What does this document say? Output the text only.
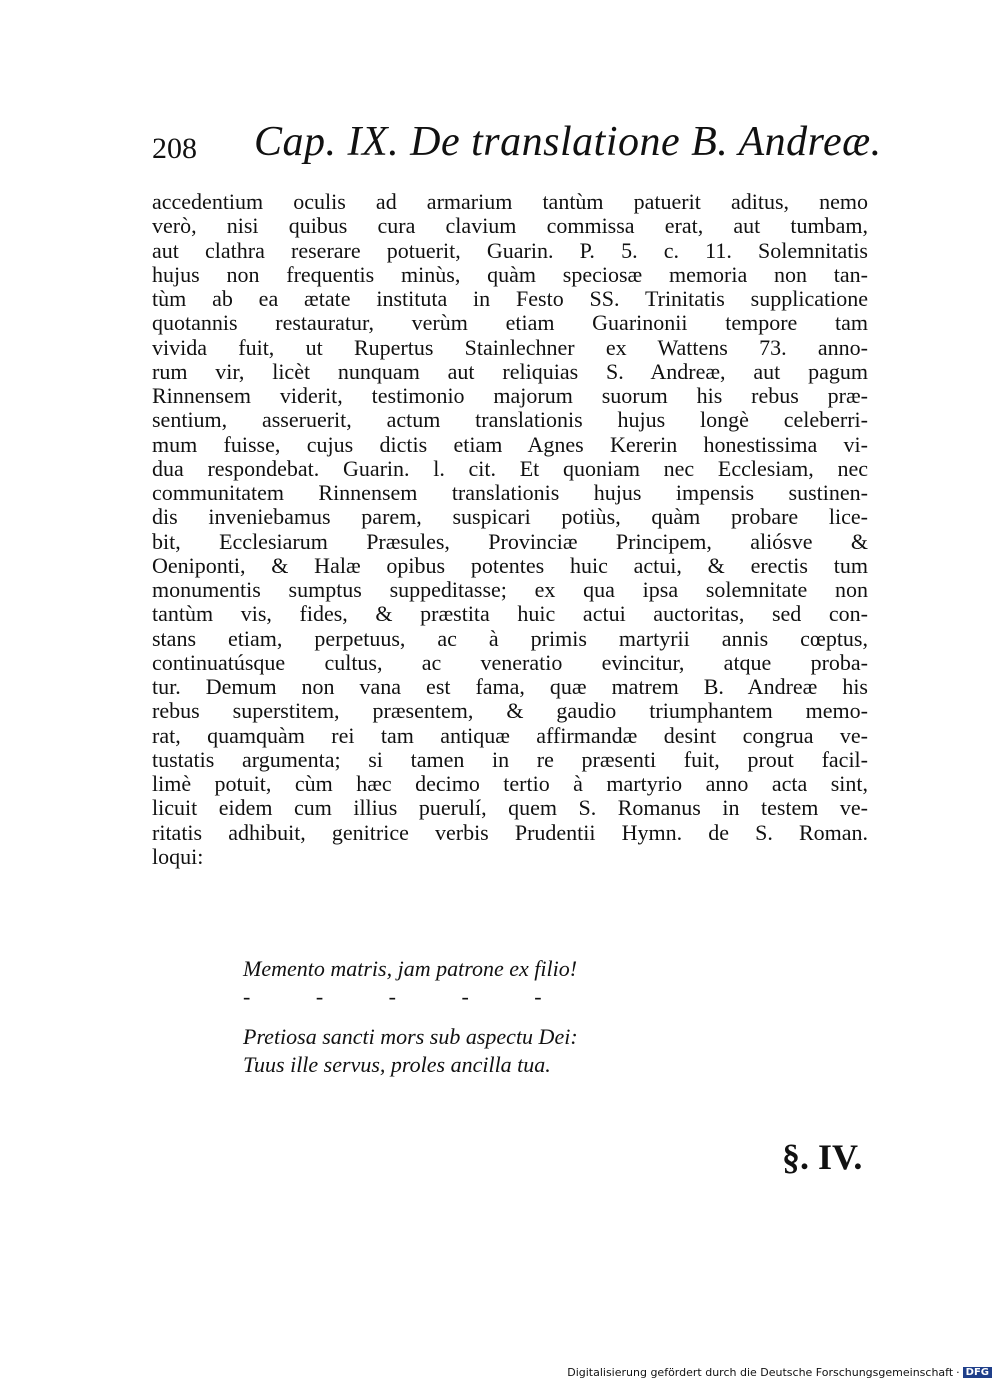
208 Cap. IX. De translatione B. Andreæ.
accedentium oculis ad armarium tantùm patuerit aditus, nemo
verò, nisi quibus cura clavium commissa erat, aut tumbam,
aut clathra reserare potuerit, Guarin. P. 5. c. 11. Solemnitatis
hujus non frequentis minùs, quàm speciosæ memoria non tan-
tùm ab ea ætate instituta in Festo SS. Trinitatis supplicatione
quotannis restauratur, verùm etiam Guarinonii tempore tam
vivida fuit, ut Rupertus Stainlechner ex Wattens 73. anno-
rum vir, licèt nunquam aut reliquias S. Andreæ, aut pagum
Rinnensem viderit, testimonio majorum suorum his rebus præ-
sentium, asseruerit, actum translationis hujus longè celeberri-
mum fuisse, cujus dictis etiam Agnes Kererin honestissima vi-
dua respondebat. Guarin. l. cit. Et quoniam nec Ecclesiam, nec
communitatem Rinnensem translationis hujus impensis sustinen-
dis inveniebamus parem, suspicari potiùs, quàm probare lice-
bit, Ecclesiarum Præsules, Provinciæ Principem, aliósve &
Oeniponti, & Halæ opibus potentes huic actui, & erectis tum
monumentis sumptus suppeditasse; ex qua ipsa solemnitate non
tantùm vis, fides, & præstita huic actui auctoritas, sed con-
stans etiam, perpetuus, ac à primis martyrii annis cœptus,
continuatúsque cultus, ac veneratio evincitur, atque proba-
tur. Demum non vana est fama, quæ matrem B. Andreæ his
rebus superstitem, præsentem, & gaudio triumphantem memo-
rat, quamquàm rei tam antiquæ affirmandæ desint congrua ve-
tustatis argumenta; si tamen in re præsenti fuit, prout facil-
limè potuit, cùm hæc decimo tertio à martyrio anno acta sint,
licuit eidem cum illius puerulí, quem S. Romanus in testem ve-
ritatis adhibuit, genitrice verbis Prudentii Hymn. de S. Roman.
loqui:
Memento matris, jam patrone ex filio!
- - - - -
Pretiosa sancti mors sub aspectu Dei:
Tuus ille servus, proles ancilla tua.
§. IV.
Digitalisierung gefördert durch die Deutsche Forschungsgemeinschaft · DFG
